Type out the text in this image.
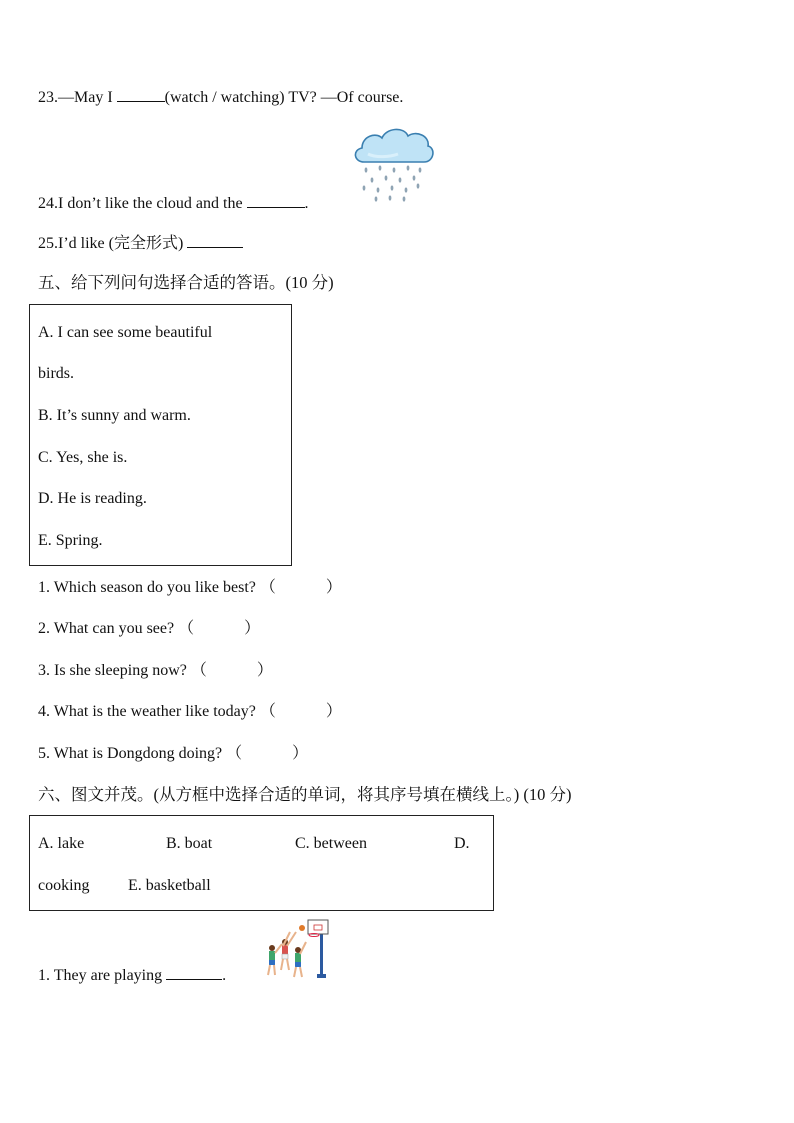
23.—May I	(watch / watching) TV? —Of course.
24.I don’t like the cloud and the	.
25.I’d like (完全形式)
五、给下列问句选择合适的答语。(10 分)
A. I can see some beautiful
birds.
B. It’s sunny and warm.
C. Yes, she is.
D. He is reading.
E. Spring.
1. Which season do you like best? （	）
2. What can you see? （	）
3. Is she sleeping now? （	）
4. What is the weather like today? （	）
5. What is Dongdong doing? （	）
六、图文并茂。(从方框中选择合适的单词，将其序号填在横线上。) (10 分)
A. lake	B. boat	C. between	D.
cooking E. basketball
1. They are playing	.
